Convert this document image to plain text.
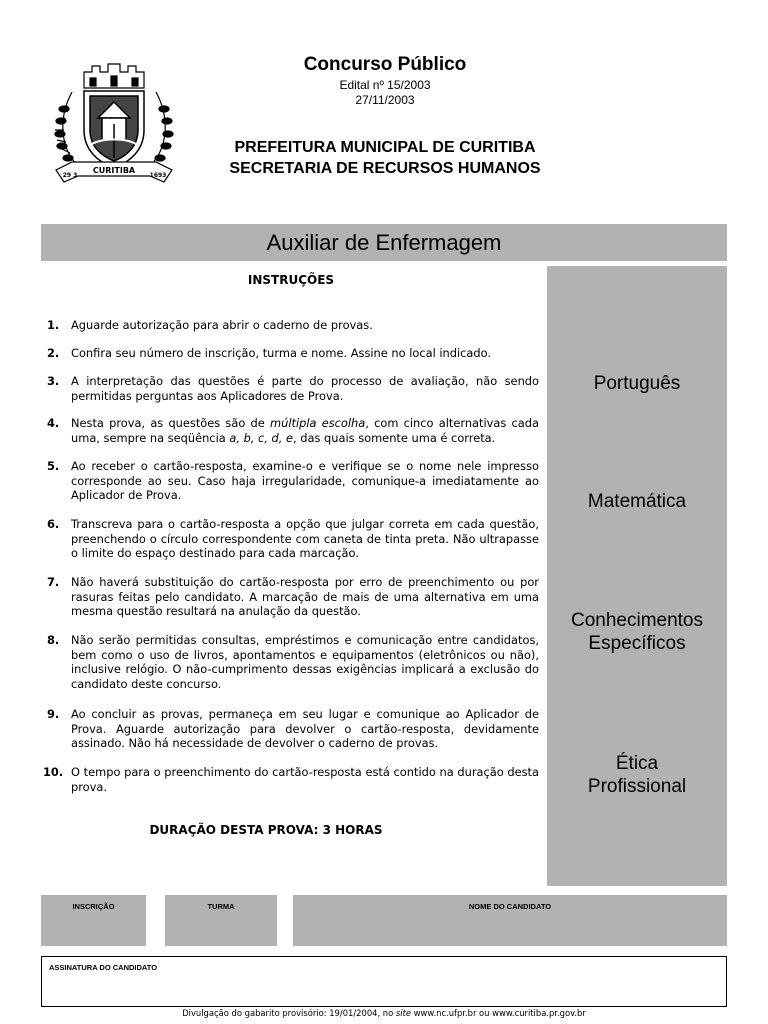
CURITIBA
29 3	1693
Concurso Público
Edital nº 15/2003
27/11/2003
PREFEITURA MUNICIPAL DE CURITIBA
SECRETARIA DE RECURSOS HUMANOS
Auxiliar de Enfermagem
INSTRUÇÕES
1.	Aguarde autorização para abrir o caderno de provas.
2.	Confira seu número de inscrição, turma e nome. Assine no local indicado.
3.	A interpretação das questões é parte do processo de avaliação, não sendo permitidas perguntas aos Aplicadores de Prova.
4.	Nesta prova, as questões são de múltipla escolha, com cinco alternativas cada uma, sempre na seqüência a, b, c, d, e, das quais somente uma é correta.
5.	Ao receber o cartão-resposta, examine-o e verifique se o nome nele impresso corresponde ao seu. Caso haja irregularidade, comunique-a imediatamente ao Aplicador de Prova.
6.	Transcreva para o cartão-resposta a opção que julgar correta em cada questão, preenchendo o círculo correspondente com caneta de tinta preta. Não ultrapasse o limite do espaço destinado para cada marcação.
7.	Não haverá substituição do cartão-resposta por erro de preenchimento ou por rasuras feitas pelo candidato. A marcação de mais de uma alternativa em uma mesma questão resultará na anulação da questão.
8.	Não serão permitidas consultas, empréstimos e comunicação entre candidatos, bem como o uso de livros, apontamentos e equipamentos (eletrônicos ou não), inclusive relógio. O não-cumprimento dessas exigências implicará a exclusão do candidato deste concurso.
9.	Ao concluir as provas, permaneça em seu lugar e comunique ao Aplicador de Prova. Aguarde autorização para devolver o cartão-resposta, devidamente assinado. Não há necessidade de devolver o caderno de provas.
10. O tempo para o preenchimento do cartão-resposta está contido na duração desta prova.
DURAÇÃO DESTA PROVA: 3 HORAS
Português
Matemática
Conhecimentos
Específicos
Ética
Profissional
INSCRIÇÃO	TURMA	NOME DO CANDIDATO
ASSINATURA DO CANDIDATO
Divulgação do gabarito provisório: 19/01/2004, no site www.nc.ufpr.br ou www.curitiba.pr.gov.br
